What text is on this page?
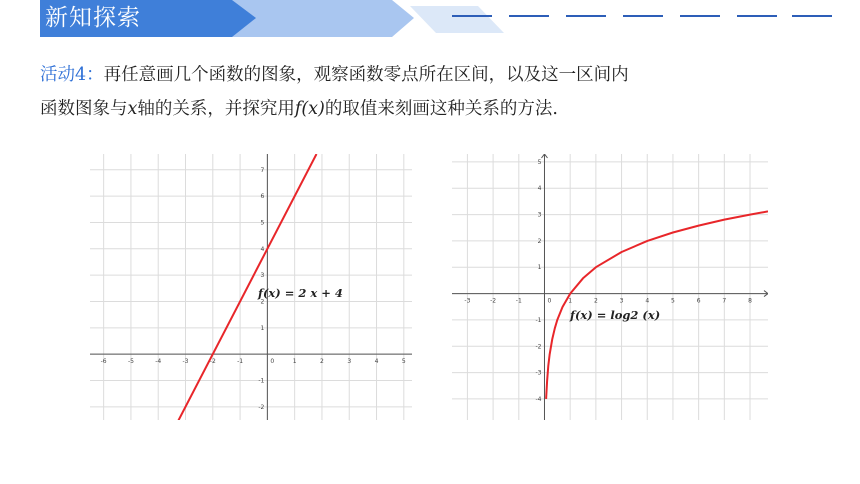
新知探索
活动4：再任意画几个函数的图象，观察函数零点所在区间，以及这一区间内
函数图象与x轴的关系，并探究用f(x)的取值来刻画这种关系的方法.
-6	-5	-4	-3	-2	-1	0	1	2	3	4	5
-2
-1
1
2
3
4
5
6
7
f(x) = 2 x + 4
-3	-2	-1	0	1	2	3	4	5	6	7	8
-4
-3
-2
-1
1
2
3
4
5
f(x) = log2 (x)
